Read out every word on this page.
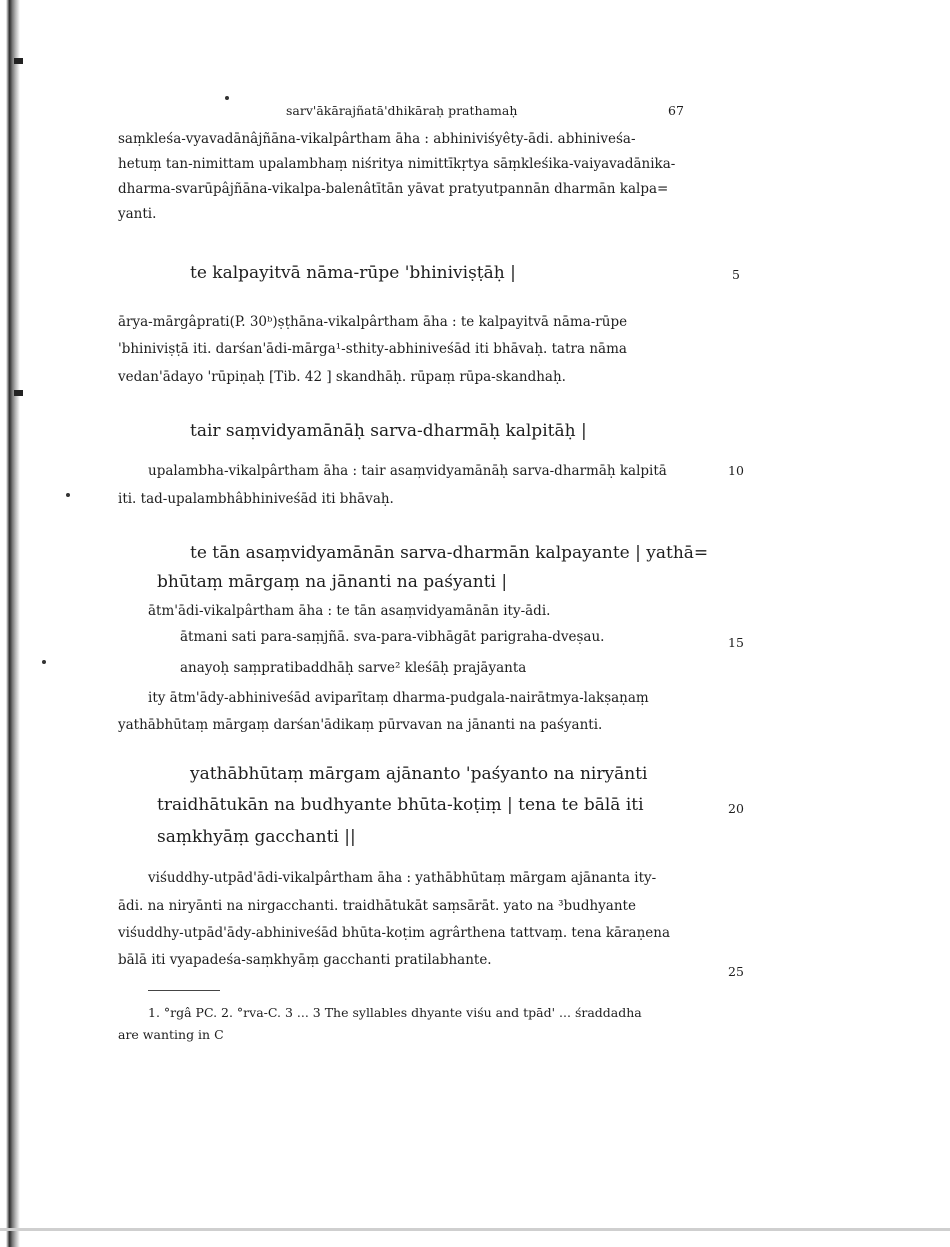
sarv'ākārajñatā'dhikāraḥ prathamaḥ	67
saṃkleśa-vyavadānâjñāna-vikalpârtham āha : abhiniviśyêty-ādi. abhiniveśa-
hetuṃ tan-nimittam upalambhaṃ niśritya nimittīkṛtya sāṃkleśika-vaiyavadānika-
dharma-svarūpâjñāna-vikalpa-balenâtītān yāvat pratyutpannān dharmān kalpa=
yanti.
te kalpayitvā nāma-rūpe 'bhiniviṣṭāḥ |	5
ārya-mārgâprati(P. 30ᵇ)ṣṭhāna-vikalpârtham āha : te kalpayitvā nāma-rūpe
'bhiniviṣṭā iti. darśan'ādi-mārga¹-sthity-abhiniveśād iti bhāvaḥ. tatra nāma
vedan'ādayo 'rūpiṇaḥ [Tib. 42 ] skandhāḥ. rūpaṃ rūpa-skandhaḥ.
tair saṃvidyamānāḥ sarva-dharmāḥ kalpitāḥ |
upalambha-vikalpârtham āha : tair asaṃvidyamānāḥ sarva-dharmāḥ kalpitā	10
iti. tad-upalambhâbhiniveśād iti bhāvaḥ.
te tān asaṃvidyamānān sarva-dharmān kalpayante | yathā=
bhūtaṃ mārgaṃ na jānanti na paśyanti |
ātm'ādi-vikalpârtham āha : te tān asaṃvidyamānān ity-ādi.
ātmani sati para-saṃjñā. sva-para-vibhāgāt parigraha-dveṣau.	15
anayoḥ saṃpratibaddhāḥ sarve² kleśāḥ prajāyanta
ity ātm'ādy-abhiniveśād aviparītaṃ dharma-pudgala-nairātmya-lakṣaṇaṃ
yathābhūtaṃ mārgaṃ darśan'ādikaṃ pūrvavan na jānanti na paśyanti.
yathābhūtaṃ mārgam ajānanto 'paśyanto na niryānti
traidhātukān na budhyante bhūta-koṭiṃ | tena te bālā iti	20
saṃkhyāṃ gacchanti ||
viśuddhy-utpād'ādi-vikalpârtham āha : yathābhūtaṃ mārgam ajānanta ity-
ādi. na niryānti na nirgacchanti. traidhātukāt saṃsārāt. yato na ³budhyante
viśuddhy-utpād'ādy-abhiniveśād bhūta-koṭim agrârthena tattvaṃ. tena kāraṇena
bālā iti vyapadeśa-saṃkhyāṃ gacchanti pratilabhante.
25
1. °rgâ PC. 2. °rva-C. 3 ... 3 The syllables dhyante viśu and tpād' ... śraddadha
are wanting in C
